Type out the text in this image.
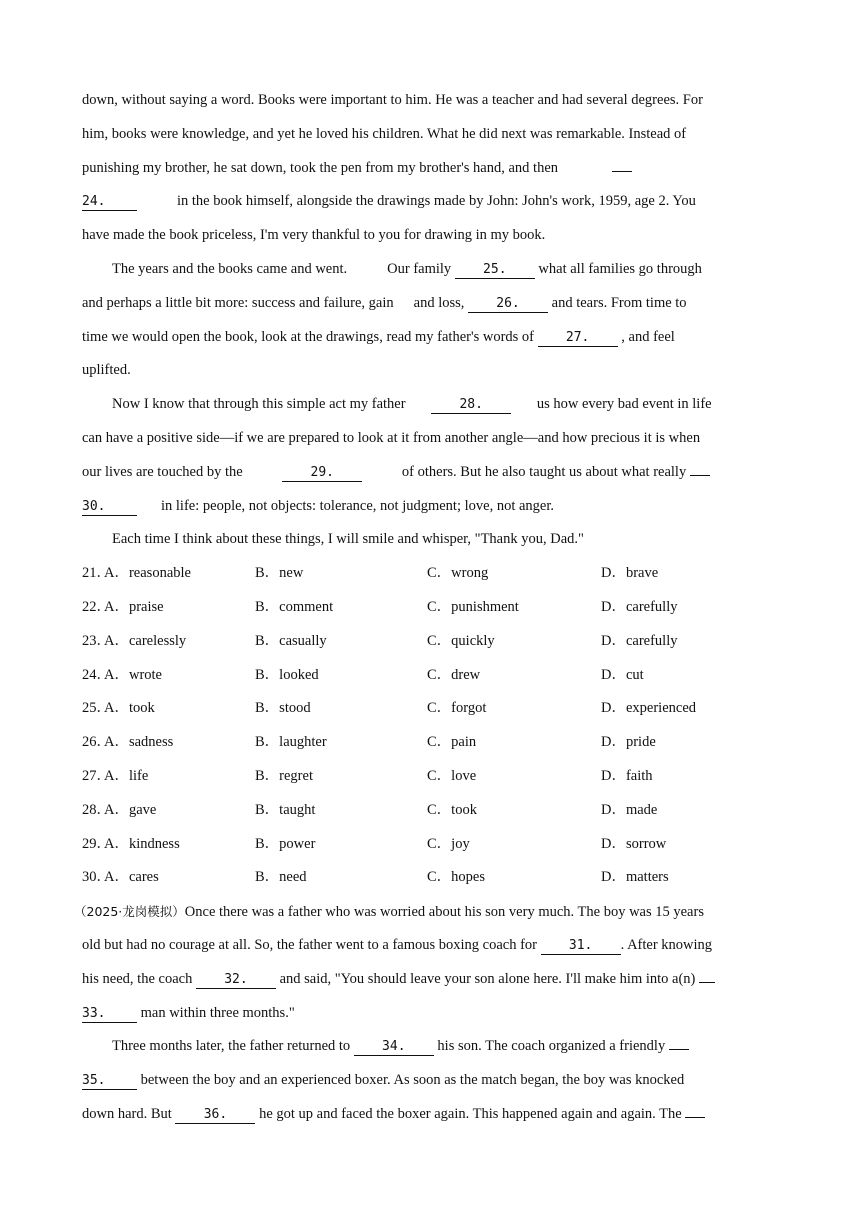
down, without saying a word. Books were important to him. He was a teacher and had several degrees. For
him, books were knowledge, and yet he loved his children. What he did next was remarkable. Instead of
punishing my brother, he sat down, took the pen from my brother's hand, and then
24.	in the book himself, alongside the drawings made by John: John's work, 1959, age 2. You
have made the book priceless, I'm very thankful to you for drawing in my book.
The years and the books came and went.	Our family 25. what all families go through
and perhaps a little bit more: success and failure, gain and loss, 26. and tears. From time to
time we would open the book, look at the drawings, read my father's words of 27. , and feel
uplifted.
Now I know that through this simple act my father	28.	us how every bad event in life
can have a positive side—if we are prepared to look at it from another angle—and how precious it is when
our lives are touched by the	29.	of others. But he also taught us about what really
30.	in life: people, not objects: tolerance, not judgment; love, not anger.
Each time I think about these things, I will smile and whisper, "Thank you, Dad."
21．
A．reasonable	B．new	C．wrong	D．brave
22．
A．praise	B．comment	C．punishment	D．carefully
23．
A．carelessly	B．casually	C．quickly	D．carefully
24．
A．wrote	B．looked	C．drew	D．cut
25．
A．took	B．stood	C．forgot	D．experienced
26．
A．sadness	B．laughter	C．pain	D．pride
27．
A．life	B．regret	C．love	D．faith
28．
A．gave	B．taught	C．took	D．made
29．
A．kindness	B．power	C．joy	D．sorrow
30．
A．cares	B．need	C．hopes	D．matters
（2025·龙岗模拟）Once there was a father who was worried about his son very much. The boy was 15 years
old but had no courage at all. So, the father went to a famous boxing coach for 31. . After knowing
his need, the coach 32. and said, "You should leave your son alone here. I'll make him into a(n)
33. man within three months."
Three months later, the father returned to 34. his son. The coach organized a friendly
35. between the boy and an experienced boxer. As soon as the match began, the boy was knocked
down hard. But 36. he got up and faced the boxer again. This happened again and again. The
